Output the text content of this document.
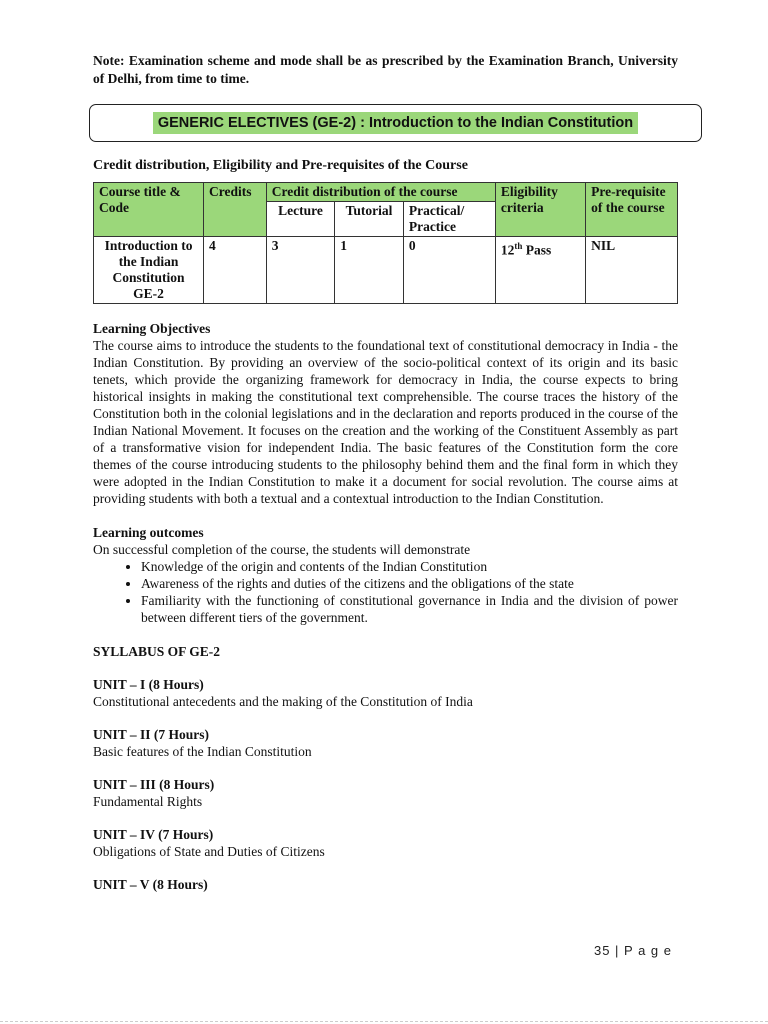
Note: Examination scheme and mode shall be as prescribed by the Examination Branch, University of Delhi, from time to time.

GENERIC ELECTIVES (GE-2) : Introduction to the Indian Constitution
Credit distribution, Eligibility and Pre-requisites of the Course
Course title & Code	Credits	Credit distribution of the course			Eligibility criteria	Pre-requisite of the course
		Lecture	Tutorial	Practical/ Practice		
Introduction to the Indian Constitution GE-2	4	3	1	0	12th Pass	NIL

Learning Objectives

The course aims to introduce the students to the foundational text of constitutional democracy in India - the Indian Constitution. By providing an overview of the socio-political context of its origin and its basic tenets, which provide the organizing framework for democracy in India, the course expects to bring historical insights in making the constitutional text comprehensible. The course traces the history of the Constitution both in the colonial legislations and in the declaration and reports produced in the course of the Indian National Movement. It focuses on the creation and the working of the Constituent Assembly as part of a transformative vision for independent India. The basic features of the Constitution form the core themes of the course introducing students to the philosophy behind them and the final form in which they were adopted in the Indian Constitution to make it a document for social revolution. The course aims at providing students with both a textual and a contextual introduction to the Indian Constitution.

Learning outcomes

On successful completion of the course, the students will demonstrate

• Knowledge of the origin and contents of the Indian Constitution
• Awareness of the rights and duties of the citizens and the obligations of the state
• Familiarity with the functioning of constitutional governance in India and the division of power between different tiers of the government.
SYLLABUS OF GE-2
UNIT – I (8 Hours)
Constitutional antecedents and the making of the Constitution of India
UNIT – II (7 Hours)
Basic features of the Indian Constitution
UNIT – III (8 Hours)
Fundamental Rights
UNIT – IV (7 Hours)
Obligations of State and Duties of Citizens
UNIT – V (8 Hours)
35 | P a g e
